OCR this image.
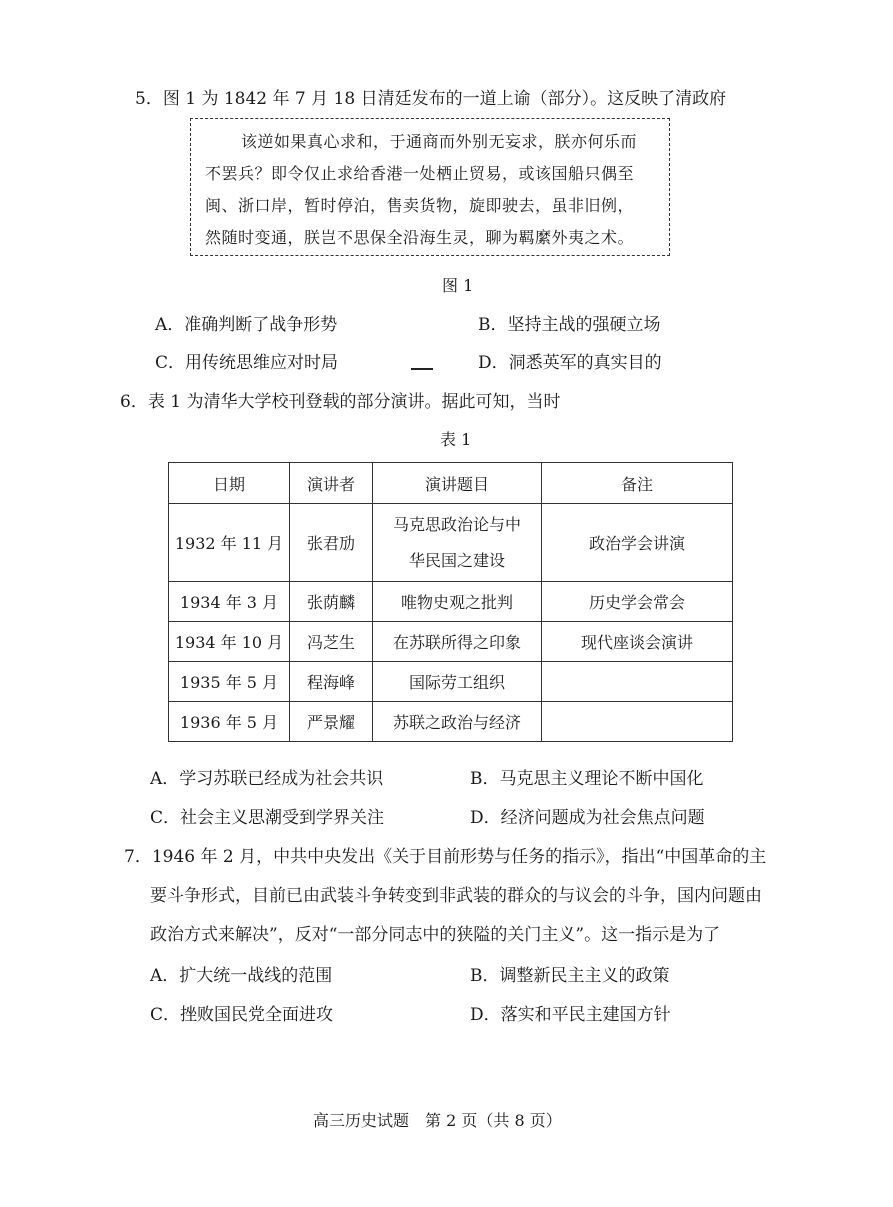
5．图 1 为 1842 年 7 月 18 日清廷发布的一道上谕（部分）。这反映了清政府
该逆如果真心求和，于通商而外别无妄求，朕亦何乐而
不罢兵？即令仅止求给香港一处栖止贸易，或该国船只偶至
闽、浙口岸，暂时停泊，售卖货物，旋即驶去，虽非旧例，
然随时变通，朕岂不思保全沿海生灵，聊为羁縻外夷之术。
图 1
A．准确判断了战争形势	B．坚持主战的强硬立场
C．用传统思维应对时局	D．洞悉英军的真实目的
6．表 1 为清华大学校刊登载的部分演讲。据此可知，当时
表 1
日期	演讲者	演讲题目	备注
1932 年 11 月	张君劢	马克思政治论与中
华民国之建设	政治学会讲演
1934 年 3 月	张荫麟	唯物史观之批判	历史学会常会
1934 年 10 月	冯芝生	在苏联所得之印象	现代座谈会演讲
1935 年 5 月	程海峰	国际劳工组织	
1936 年 5 月	严景耀	苏联之政治与经济	
A．学习苏联已经成为社会共识	B．马克思主义理论不断中国化
C．社会主义思潮受到学界关注	D．经济问题成为社会焦点问题
7．1946 年 2 月，中共中央发出《关于目前形势与任务的指示》，指出“中国革命的主
要斗争形式，目前已由武装斗争转变到非武装的群众的与议会的斗争，国内问题由
政治方式来解决”，反对“一部分同志中的狭隘的关门主义”。这一指示是为了
A．扩大统一战线的范围	B．调整新民主主义的政策
C．挫败国民党全面进攻	D．落实和平民主建国方针
高三历史试题　第 2 页（共 8 页）
